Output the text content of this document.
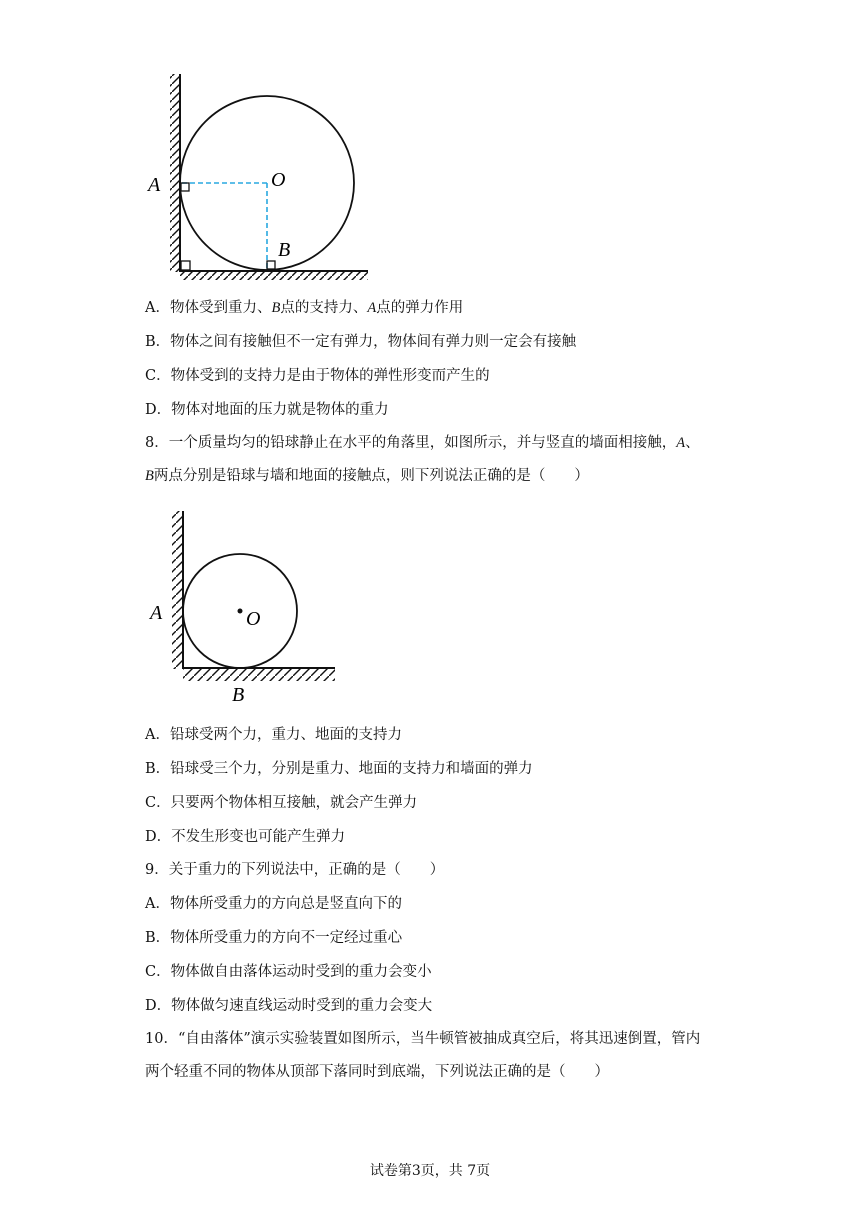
A	O
B
A．物体受到重力、B点的支持力、A点的弹力作用
B．物体之间有接触但不一定有弹力，物体间有弹力则一定会有接触
C．物体受到的支持力是由于物体的弹性形变而产生的
D．物体对地面的压力就是物体的重力
8．一个质量均匀的铅球静止在水平的角落里，如图所示，并与竖直的墙面相接触，A、
B两点分别是铅球与墙和地面的接触点，则下列说法正确的是（　　）
A	O
B
A．铅球受两个力，重力、地面的支持力
B．铅球受三个力，分别是重力、地面的支持力和墙面的弹力
C．只要两个物体相互接触，就会产生弹力
D．不发生形变也可能产生弹力
9．关于重力的下列说法中，正确的是（　　）
A．物体所受重力的方向总是竖直向下的
B．物体所受重力的方向不一定经过重心
C．物体做自由落体运动时受到的重力会变小
D．物体做匀速直线运动时受到的重力会变大
10．“自由落体”演示实验装置如图所示，当牛顿管被抽成真空后，将其迅速倒置，管内
两个轻重不同的物体从顶部下落同时到底端，下列说法正确的是（　　）
试卷第3页，共 7页
